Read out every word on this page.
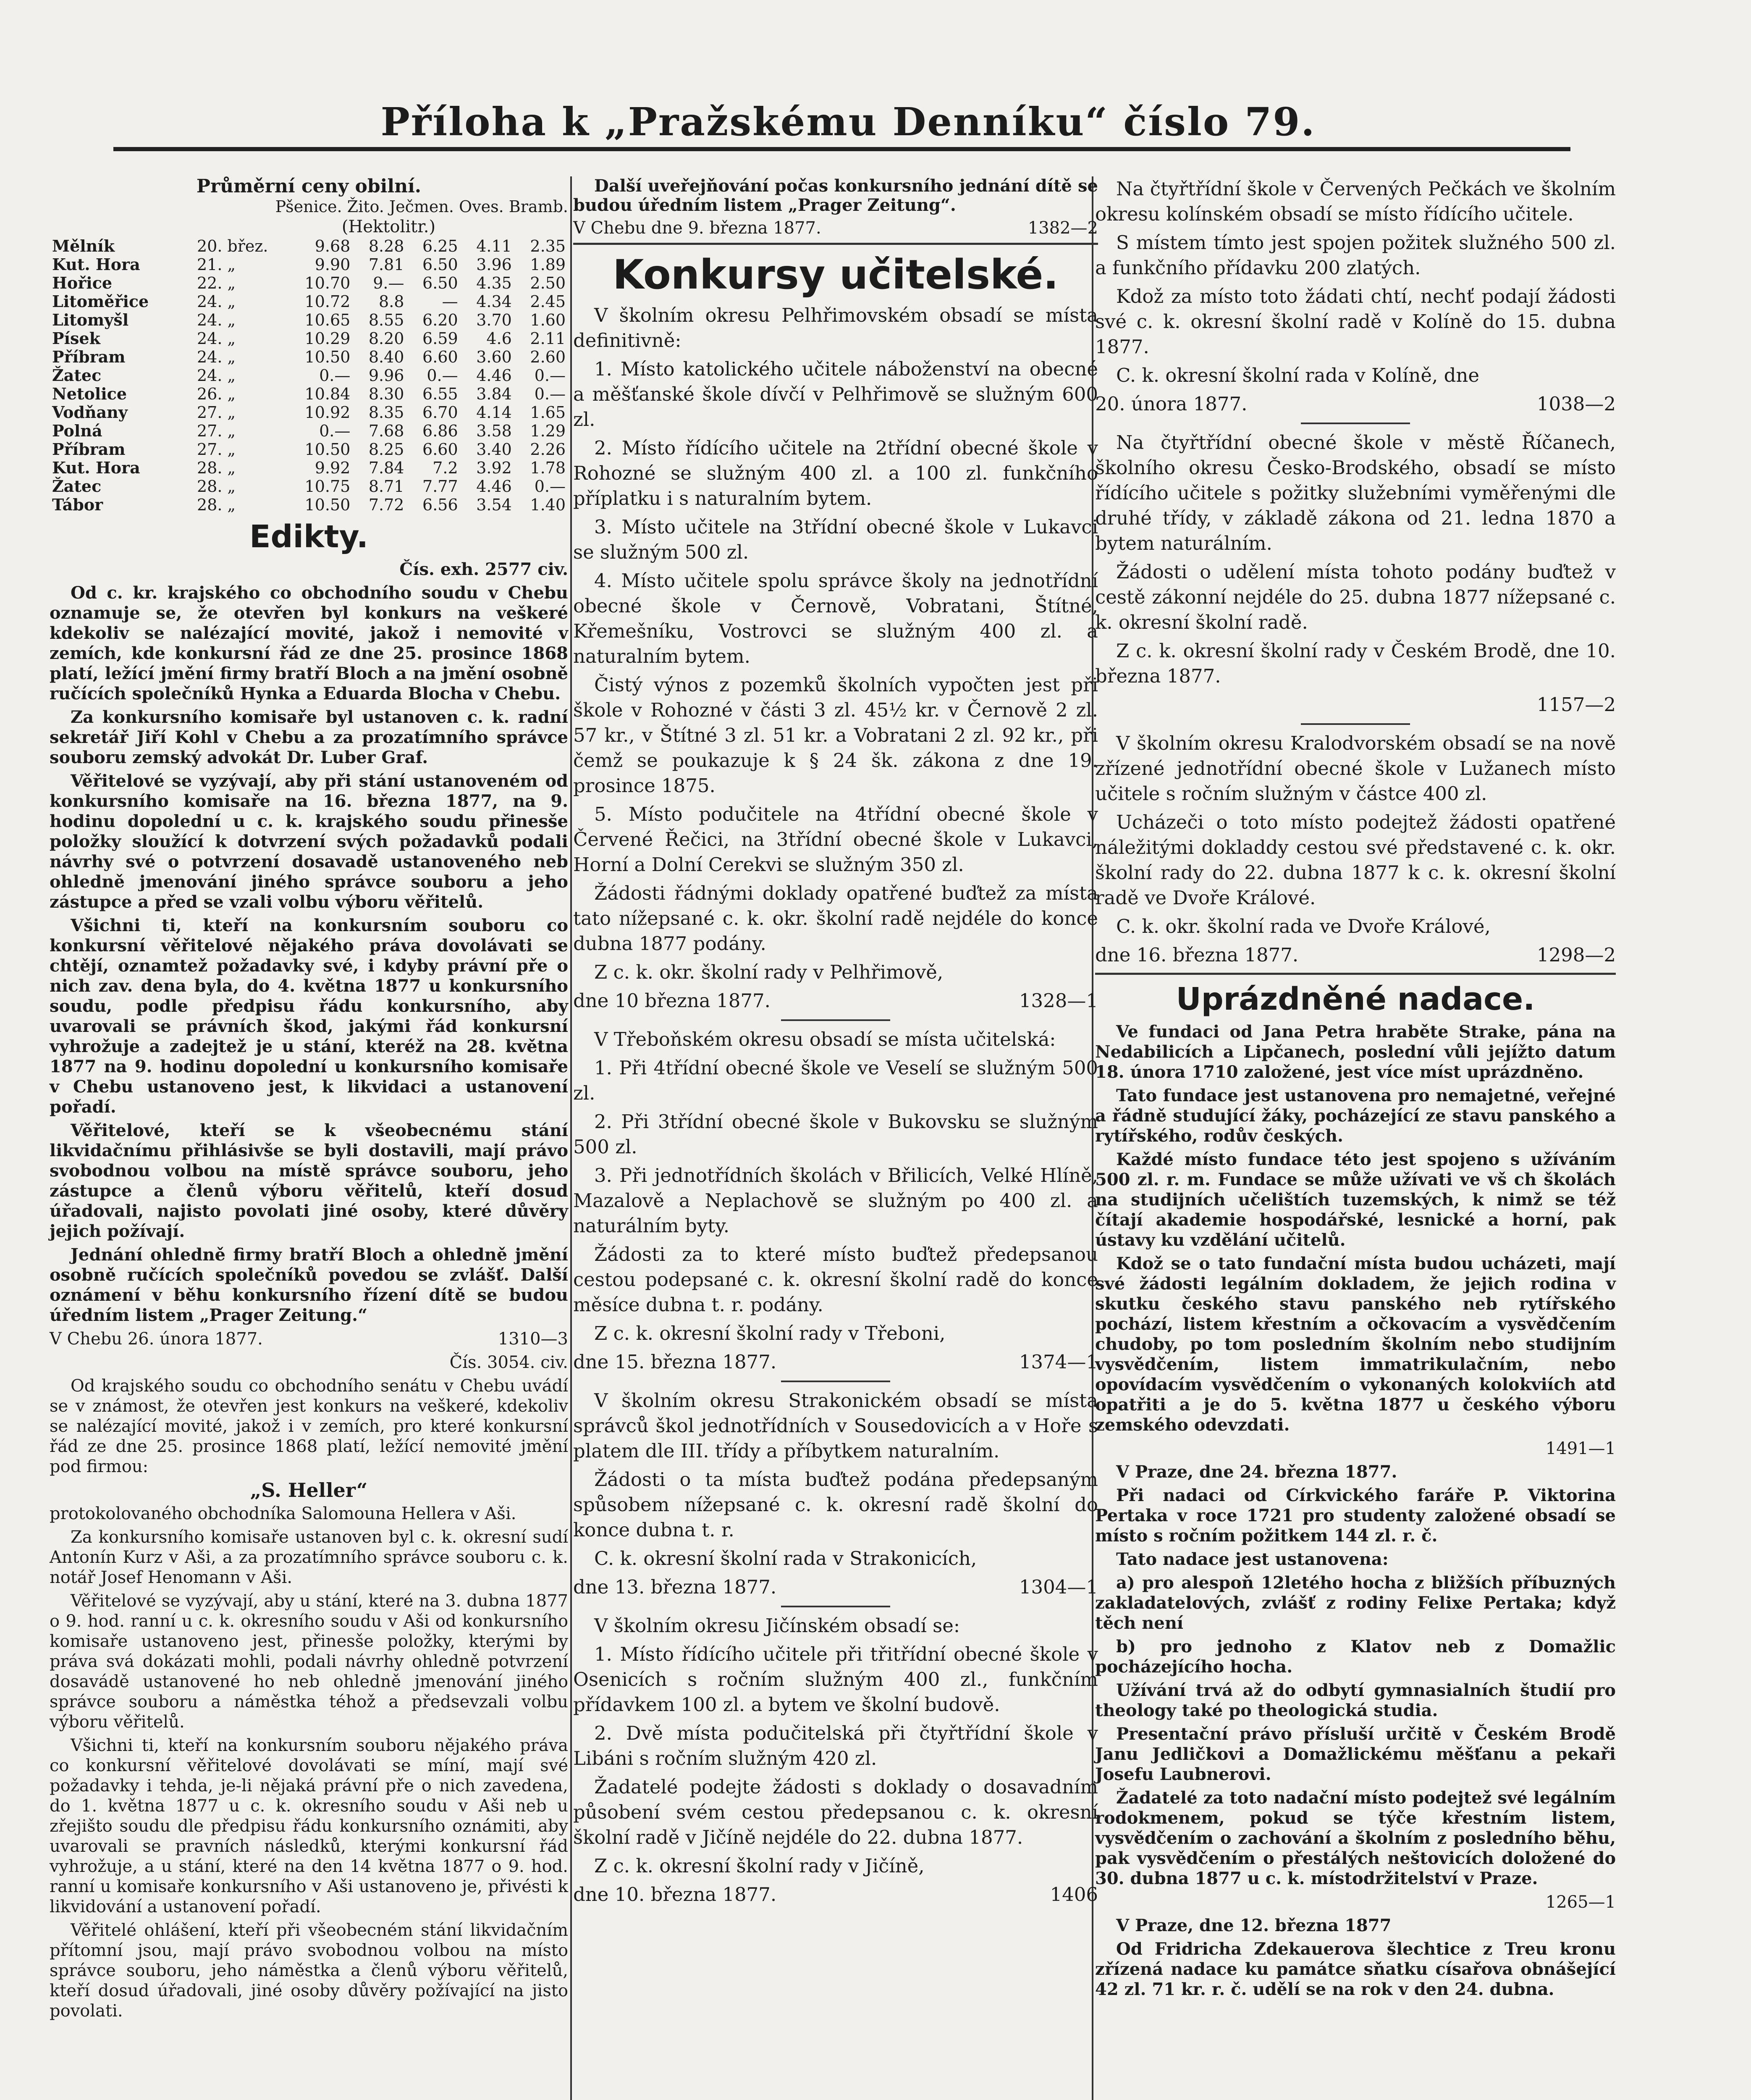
Příloha k „Pražskému Denníku“ číslo 79.
Průměrní ceny obilní.
Pšenice. Žito. Ječmen. Oves. Bramb.
(Hektolitr.)
Mělník	20.	břez.	9.68	8.28	6.25	4.11	2.35
Kut. Hora	21.	„	9.90	7.81	6.50	3.96	1.89
Hořice	22.	„	10.70	9.—	6.50	4.35	2.50
Litoměřice	24.	„	10.72	8.8	—	4.34	2.45
Litomyšl	24.	„	10.65	8.55	6.20	3.70	1.60
Písek	24.	„	10.29	8.20	6.59	4.6	2.11
Příbram	24.	„	10.50	8.40	6.60	3.60	2.60
Žatec	24.	„	0.—	9.96	0.—	4.46	0.—
Netolice	26.	„	10.84	8.30	6.55	3.84	0.—
Vodňany	27.	„	10.92	8.35	6.70	4.14	1.65
Polná	27.	„	0.—	7.68	6.86	3.58	1.29
Příbram	27.	„	10.50	8.25	6.60	3.40	2.26
Kut. Hora	28.	„	9.92	7.84	7.2	3.92	1.78
Žatec	28.	„	10.75	8.71	7.77	4.46	0.—
Tábor	28.	„	10.50	7.72	6.56	3.54	1.40
Edikty.

Čís. exh. 2577 civ.

Od c. kr. krajského co obchodního soudu v Chebu oznamuje se, že otevřen byl konkurs na veškeré kdekoliv se nalézající movité, jakož i nemovité v zemích, kde konkursní řád ze dne 25. prosince 1868 platí, ležící jmění firmy bratří Bloch a na jmění osobně ručících společníků Hynka a Eduarda Blocha v Chebu.

Za konkursního komisaře byl ustanoven c. k. radní sekretář Jiří Kohl v Chebu a za prozatímního správce souboru zemský advokát Dr. Luber Graf.

Věřitelové se vyzývají, aby při stání ustanoveném od konkursního komisaře na 16. března 1877, na 9. hodinu dopolední u c. k. krajského soudu přinesše položky sloužící k dotvrzení svých požadavků podali návrhy své o potvrzení dosavadě ustanoveného neb ohledně jmenování jiného správce souboru a jeho zástupce a před se vzali volbu výboru věřitelů.

Všichni ti, kteří na konkursním souboru co konkursní věřitelové nějakého práva dovolávati se chtějí, oznamtež požadavky své, i kdyby právní pře o nich zav. dena byla, do 4. května 1877 u konkursního soudu, podle předpisu řádu konkursního, aby uvarovali se právních škod, jakými řád konkursní vyhrožuje a zadejtež je u stání, kteréž na 28. května 1877 na 9. hodinu dopolední u konkursního komisaře v Chebu ustanoveno jest, k likvidaci a ustanovení pořadí.

Věřitelové, kteří se k všeobecnému stání likvidačnímu přihlásivše se byli dostavili, mají právo svobodnou volbou na místě správce souboru, jeho zástupce a členů výboru věřitelů, kteří dosud úřadovali, najisto povolati jiné osoby, které důvěry jejich požívají.

Jednání ohledně firmy bratří Bloch a ohledně jmění osobně ručících společníků povedou se zvlášť. Další oznámení v běhu konkursního řízení dítě se budou úředním listem „Prager Zeitung.“

V Chebu 26. února 1877.	1310—3

Čís. 3054. civ.

Od krajského soudu co obchodního senátu v Chebu uvádí se v známost, že otevřen jest konkurs na veškeré, kdekoliv se nalézající movité, jakož i v zemích, pro které konkursní řád ze dne 25. prosince 1868 platí, ležící nemovité jmění pod firmou:

„S. Heller“

protokolovaného obchodníka Salomouna Hellera v Aši.

Za konkursního komisaře ustanoven byl c. k. okresní sudí Antonín Kurz v Aši, a za prozatímního správce souboru c. k. notář Josef Henomann v Aši.

Věřitelové se vyzývají, aby u stání, které na 3. dubna 1877 o 9. hod. ranní u c. k. okresního soudu v Aši od konkursního komisaře ustanoveno jest, přinesše položky, kterými by práva svá dokázati mohli, podali návrhy ohledně potvrzení dosavádě ustanovené ho neb ohledně jmenování jiného správce souboru a náměstka téhož a předsevzali volbu výboru věřitelů.

Všichni ti, kteří na konkursním souboru nějakého práva co konkursní věřitelové dovolávati se míní, mají své požadavky i tehda, je-li nějaká právní pře o nich zavedena, do 1. května 1877 u c. k. okresního soudu v Aši neb u zřejišto soudu dle předpisu řádu konkursního oznámiti, aby uvarovali se pravních následků, kterými konkursní řád vyhrožuje, a u stání, které na den 14 května 1877 o 9. hod. ranní u komisaře konkursního v Aši ustanoveno je, přivésti k likvidování a ustanovení pořadí.

Věřitelé ohlášení, kteří při všeobecném stání likvidačním přítomní jsou, mají právo svobodnou volbou na místo správce souboru, jeho náměstka a členů výboru věřitelů, kteří dosud úřadovali, jiné osoby důvěry požívající na jisto povolati.

Další uveřejňování počas konkursního jednání dítě se budou úředním listem „Prager Zeitung“.

V Chebu dne 9. března 1877.	1382—2

Konkursy učitelské.

V školním okresu Pelhřimovském obsadí se místa definitivně:

1. Místo katolického učitele náboženství na obecné a měšťanské škole dívčí v Pelhřimově se služným 600 zl.

2. Místo řídícího učitele na 2třídní obecné škole v Rohozné se služným 400 zl. a 100 zl. funkčního příplatku i s naturalním bytem.

3. Místo učitele na 3třídní obecné škole v Lukavci se služným 500 zl.

4. Místo učitele spolu správce školy na jednotřídní obecné škole v Černově, Vobratani, Štítné, Křemešníku, Vostrovci se služným 400 zl. a naturalním bytem.

Čistý výnos z pozemků školních vypočten jest při škole v Rohozné v části 3 zl. 45½ kr. v Černově 2 zl. 57 kr., v Štítné 3 zl. 51 kr. a Vobratani 2 zl. 92 kr., při čemž se poukazuje k § 24 šk. zákona z dne 19. prosince 1875.

5. Místo podučitele na 4třídní obecné škole v Červené Řečici, na 3třídní obecné škole v Lukavci, Horní a Dolní Cerekvi se služným 350 zl.

Žádosti řádnými doklady opatřené buďtež za místa tato nížepsané c. k. okr. školní radě nejdéle do konce dubna 1877 podány.

Z c. k. okr. školní rady v Pelhřimově,

dne 10 března 1877.	1328—1

V Třeboňském okresu obsadí se místa učitelská:

1. Při 4třídní obecné škole ve Veselí se služným 500 zl.

2. Při 3třídní obecné škole v Bukovsku se služným 500 zl.

3. Při jednotřídních školách v Břilicích, Velké Hlíně, Mazalově a Neplachově se služným po 400 zl. a naturálním byty.

Žádosti za to které místo buďtež předepsanou cestou podepsané c. k. okresní školní radě do konce měsíce dubna t. r. podány.

Z c. k. okresní školní rady v Třeboni,

dne 15. března 1877.	1374—1

V školním okresu Strakonickém obsadí se místa správců škol jednotřídních v Sousedovicích a v Hoře s platem dle III. třídy a příbytkem naturalním.

Žádosti o ta místa buďtež podána předepsaným spůsobem nížepsané c. k. okresní radě školní do konce dubna t. r.

C. k. okresní školní rada v Strakonicích,

dne 13. března 1877.	1304—1

V školním okresu Jičínském obsadí se:

1. Místo řídícího učitele při třitřídní obecné škole v Osenicích s ročním služným 400 zl., funkčním přídavkem 100 zl. a bytem ve školní budově.

2. Dvě místa podučitelská při čtyřtřídní škole v Libáni s ročním služným 420 zl.

Žadatelé podejte žádosti s doklady o dosavadním působení svém cestou předepsanou c. k. okresní školní radě v Jičíně nejdéle do 22. dubna 1877.

Z c. k. okresní školní rady v Jičíně,

dne 10. března 1877.	1406

Na čtyřtřídní škole v Červených Pečkách ve školním okresu kolínském obsadí se místo řídícího učitele.

S místem tímto jest spojen požitek služného 500 zl. a funkčního přídavku 200 zlatých.

Kdož za místo toto žádati chtí, nechť podají žádosti své c. k. okresní školní radě v Kolíně do 15. dubna 1877.

C. k. okresní školní rada v Kolíně, dne

20. února 1877.	1038—2

Na čtyřtřídní obecné škole v městě Říčanech, školního okresu Česko-Brodského, obsadí se místo řídícího učitele s požitky služebními vyměřenými dle druhé třídy, v základě zákona od 21. ledna 1870 a bytem naturálním.

Žádosti o udělení místa tohoto podány buďtež v cestě zákonní nejdéle do 25. dubna 1877 nížepsané c. k. okresní školní radě.

Z c. k. okresní školní rady v Českém Brodě, dne 10. března 1877.

1157—2

V školním okresu Kralodvorském obsadí se na nově zřízené jednotřídní obecné škole v Lužanech místo učitele s ročním služným v částce 400 zl.

Ucházeči o toto místo podejtež žádosti opatřené náležitými dokladdy cestou své představené c. k. okr. školní rady do 22. dubna 1877 k c. k. okresní školní radě ve Dvoře Králové.

C. k. okr. školní rada ve Dvoře Králové,

dne 16. března 1877.	1298—2

Uprázdněné nadace.

Ve fundaci od Jana Petra hraběte Strake, pána na Nedabilicích a Lipčanech, poslední vůli jejížto datum 18. února 1710 založené, jest více míst uprázdněno.

Tato fundace jest ustanovena pro nemajetné, veřejné a řádně studující žáky, pocházející ze stavu panského a rytířského, rodův českých.

Každé místo fundace této jest spojeno s užíváním 500 zl. r. m. Fundace se může užívati ve vš ch školách na studijních učelištích tuzemských, k nimž se též čítají akademie hospodářské, lesnické a horní, pak ústavy ku vzdělání učitelů.

Kdož se o tato fundační místa budou ucházeti, mají své žádosti legálním dokladem, že jejich rodina v skutku českého stavu panského neb rytířského pochází, listem křestním a očkovacím a vysvědčením chudoby, po tom posledním školním nebo studijním vysvědčením, listem immatrikulačním, nebo opovídacím vysvědčením o vykonaných kolokviích atd opatřiti a je do 5. května 1877 u českého výboru zemského odevzdati.

1491—1

V Praze, dne 24. března 1877.

Při nadaci od Církvického faráře P. Viktorina Pertaka v roce 1721 pro studenty založené obsadí se místo s ročním požitkem 144 zl. r. č.

Tato nadace jest ustanovena:

a) pro alespoň 12letého hocha z bližších příbuzných zakladatelových, zvlášť z rodiny Felixe Pertaka; když těch není

b) pro jednoho z Klatov neb z Domažlic pocházejícího hocha.

Užívání trvá až do odbytí gymnasialních študií pro theology také po theologická studia.

Presentační právo přísluší určitě v Českém Brodě Janu Jedličkovi a Domažlickému měšťanu a pekaři Josefu Laubnerovi.

Žadatelé za toto nadační místo podejtež své legálním rodokmenem, pokud se týče křestním listem, vysvědčením o zachování a školním z posledního běhu, pak vysvědčením o přestálých neštovicích doložené do 30. dubna 1877 u c. k. místodržitelství v Praze.

1265—1

V Praze, dne 12. března 1877

Od Fridricha Zdekauerova šlechtice z Treu kronu zřízená nadace ku památce sňatku císařova obnášející 42 zl. 71 kr. r. č. udělí se na rok v den 24. dubna.
